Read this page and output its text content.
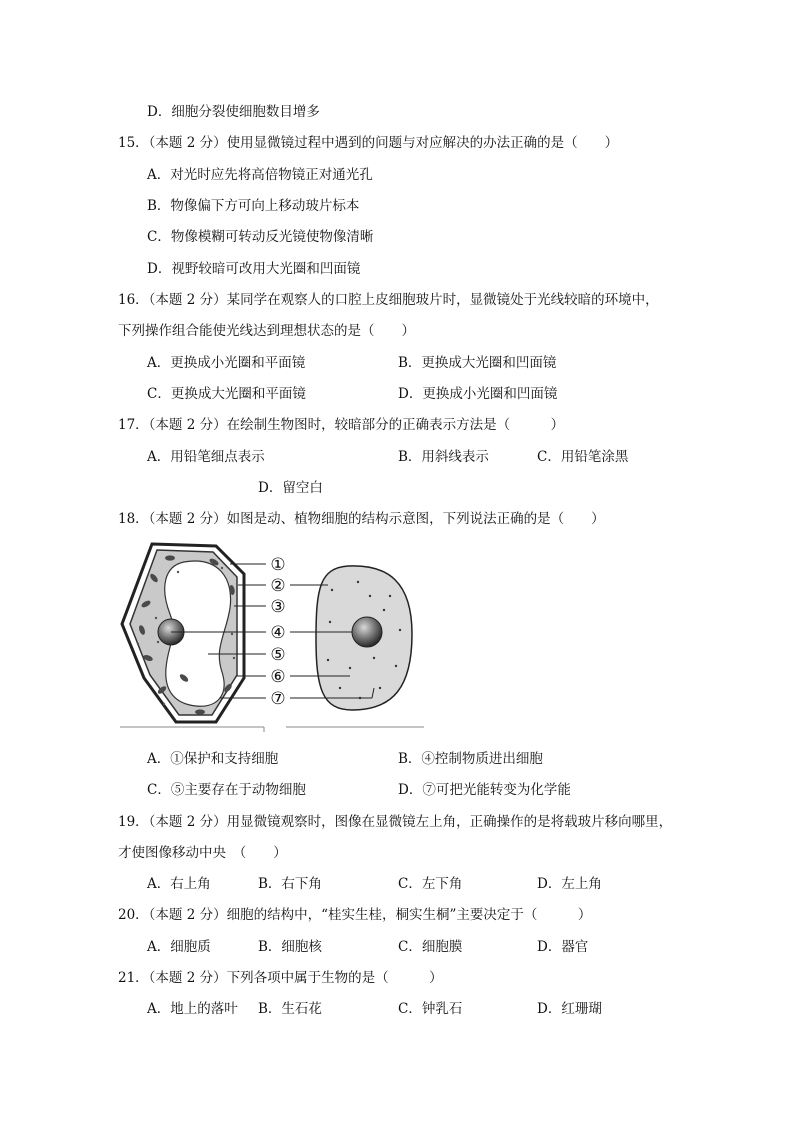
D．细胞分裂使细胞数目增多
15．（本题 2 分）使用显微镜过程中遇到的问题与对应解决的办法正确的是（　　）
A．对光时应先将高倍物镜正对通光孔
B．物像偏下方可向上移动玻片标本
C．物像模糊可转动反光镜使物像清晰
D．视野较暗可改用大光圈和凹面镜
16．（本题 2 分）某同学在观察人的口腔上皮细胞玻片时，显微镜处于光线较暗的环境中，
下列操作组合能使光线达到理想状态的是（　　）
A．更换成小光圈和平面镜	B．更换成大光圈和凹面镜
C．更换成大光圈和平面镜	D．更换成小光圈和凹面镜
17．（本题 2 分）在绘制生物图时，较暗部分的正确表示方法是（　　　）
A．用铅笔细点表示	B．用斜线表示	C．用铅笔涂黑
D．留空白
18．（本题 2 分）如图是动、植物细胞的结构示意图，下列说法正确的是（　　）
①
②
③
④
⑤
⑥
⑦
A．①保护和支持细胞	B．④控制物质进出细胞
C．⑤主要存在于动物细胞	D．⑦可把光能转变为化学能
19．（本题 2 分）用显微镜观察时，图像在显微镜左上角，正确操作的是将载玻片移向哪里，
才使图像移动中央　（　　）
A．右上角	B．右下角	C．左下角	D．左上角
20．（本题 2 分）细胞的结构中，“桂实生桂，桐实生桐”主要决定于（　　　）
A．细胞质	B．细胞核	C．细胞膜	D．器官
21．（本题 2 分）下列各项中属于生物的是（　　　）
A．地上的落叶 B．生石花	C．钟乳石	D．红珊瑚
